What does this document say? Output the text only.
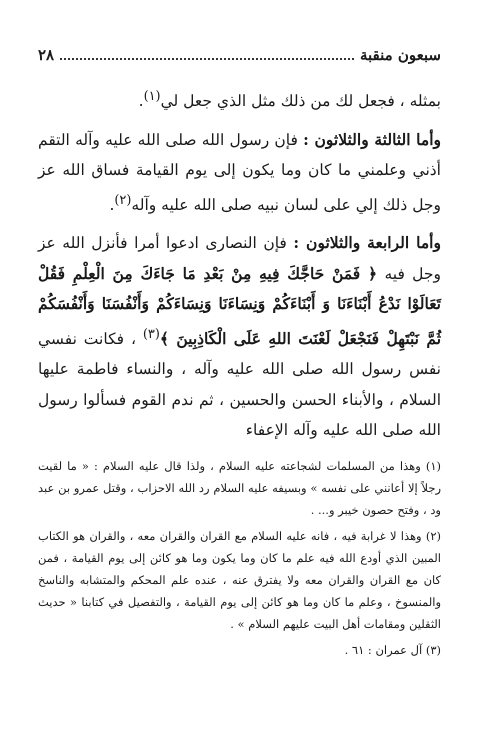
سبعون منقبة
٢٨

بمثله ، فجعل لك من ذلك مثل الذي جعل لي$^{(١)}$.

وأما الثالثة والثلاثون : فإن رسول الله صلى الله عليه وآله التقم أذني وعلمني ما كان وما يكون إلى يوم القيامة فساق الله عز وجل ذلك إلي على لسان نبيه صلى الله عليه وآله$^{(٢)}$.

وأما الرابعة والثلاثون : فإن النصارى ادعوا أمرا فأنزل الله عز وجل فيه ﴿ فَمَنْ حَاجَّكَ فِيهِ مِنْ بَعْدِ مَا جَاءَكَ مِنَ الْعِلْمِ فَقُلْ تَعَالَوْا نَدْعُ أَبْنَاءَنَا وَ أَبْنَاءَكُمْ وَنِسَاءَنَا وَنِسَاءَكُمْ وَأَنْفُسَنَا وَأَنْفُسَكُمْ ثُمَّ نَبْتَهِلْ فَنَجْعَلْ لَعْنَتَ اللهِ عَلَى الْكَاذِبِينَ ﴾$^{(٣)}$ ، فكانت نفسي نفس رسول الله صلى الله عليه وآله ، والنساء فاطمة عليها السلام ، والأبناء الحسن والحسين ، ثم ندم القوم فسألوا رسول الله صلى الله عليه وآله الإعفاء

(١) وهذا من المسلمات لشجاعته عليه السلام ، ولذا قال عليه السلام : « ما لقيت رجلاً إلا أعانني على نفسه » وبسيفه عليه السلام رد الله الاحزاب ، وقتل عمرو بن عبد ود ، وفتح حصون خيبر و... .

(٢) وهذا لا غرابة فيه ، فانه عليه السلام مع القران والقران معه ، والقران هو الكتاب المبين الذي أودع الله فيه علم ما كان وما يكون وما هو كائن إلى يوم القيامة ، فمن كان مع القران والقران معه ولا يفترق عنه ، عنده علم المحكم والمتشابه والناسخ والمنسوخ ، وعلم ما كان وما هو كائن إلى يوم القيامة ، والتفصيل في كتابنا « حديث الثقلين ومقامات أهل البيت عليهم السلام » .

(٣) آل عمران : ٦١ .
